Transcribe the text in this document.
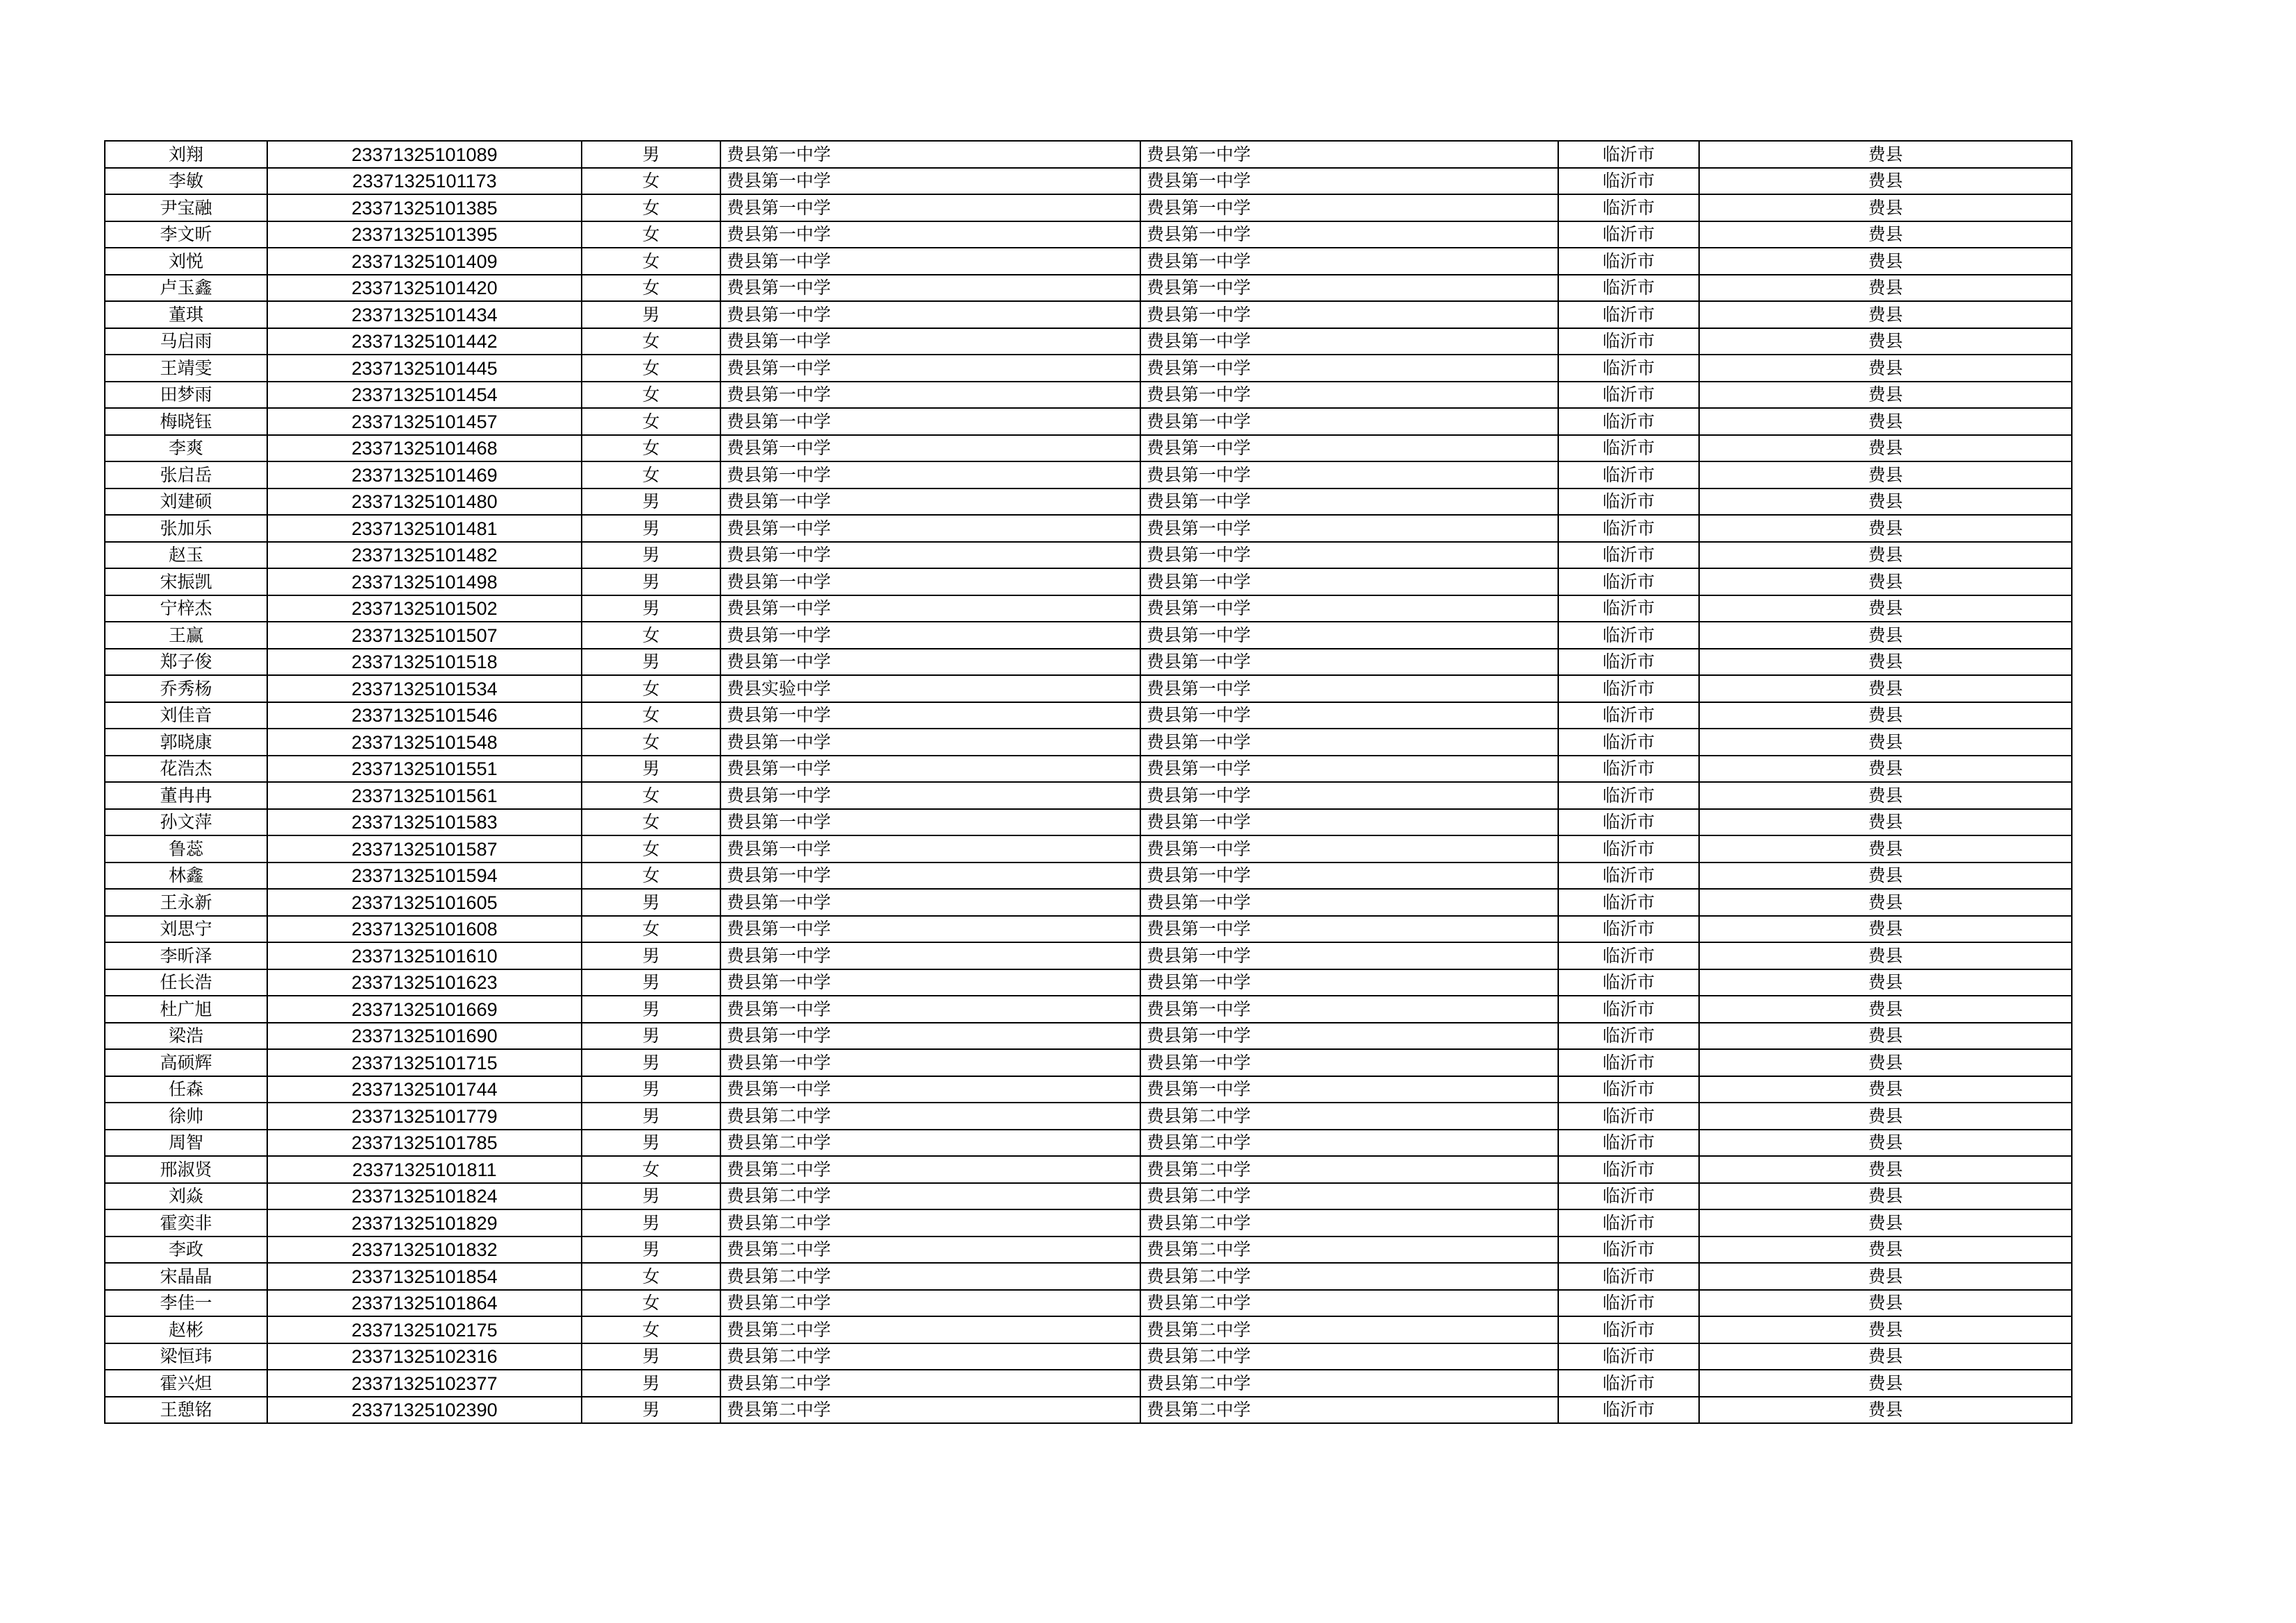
刘翔	23371325101089	男	费县第一中学	费县第一中学	临沂市	费县
李敏	23371325101173	女	费县第一中学	费县第一中学	临沂市	费县
尹宝融	23371325101385	女	费县第一中学	费县第一中学	临沂市	费县
李文昕	23371325101395	女	费县第一中学	费县第一中学	临沂市	费县
刘悦	23371325101409	女	费县第一中学	费县第一中学	临沂市	费县
卢玉鑫	23371325101420	女	费县第一中学	费县第一中学	临沂市	费县
董琪	23371325101434	男	费县第一中学	费县第一中学	临沂市	费县
马启雨	23371325101442	女	费县第一中学	费县第一中学	临沂市	费县
王靖雯	23371325101445	女	费县第一中学	费县第一中学	临沂市	费县
田梦雨	23371325101454	女	费县第一中学	费县第一中学	临沂市	费县
梅晓钰	23371325101457	女	费县第一中学	费县第一中学	临沂市	费县
李爽	23371325101468	女	费县第一中学	费县第一中学	临沂市	费县
张启岳	23371325101469	女	费县第一中学	费县第一中学	临沂市	费县
刘建硕	23371325101480	男	费县第一中学	费县第一中学	临沂市	费县
张加乐	23371325101481	男	费县第一中学	费县第一中学	临沂市	费县
赵玉	23371325101482	男	费县第一中学	费县第一中学	临沂市	费县
宋振凯	23371325101498	男	费县第一中学	费县第一中学	临沂市	费县
宁梓杰	23371325101502	男	费县第一中学	费县第一中学	临沂市	费县
王赢	23371325101507	女	费县第一中学	费县第一中学	临沂市	费县
郑子俊	23371325101518	男	费县第一中学	费县第一中学	临沂市	费县
乔秀杨	23371325101534	女	费县实验中学	费县第一中学	临沂市	费县
刘佳音	23371325101546	女	费县第一中学	费县第一中学	临沂市	费县
郭晓康	23371325101548	女	费县第一中学	费县第一中学	临沂市	费县
花浩杰	23371325101551	男	费县第一中学	费县第一中学	临沂市	费县
董冉冉	23371325101561	女	费县第一中学	费县第一中学	临沂市	费县
孙文萍	23371325101583	女	费县第一中学	费县第一中学	临沂市	费县
鲁蕊	23371325101587	女	费县第一中学	费县第一中学	临沂市	费县
林鑫	23371325101594	女	费县第一中学	费县第一中学	临沂市	费县
王永新	23371325101605	男	费县第一中学	费县第一中学	临沂市	费县
刘思宁	23371325101608	女	费县第一中学	费县第一中学	临沂市	费县
李昕泽	23371325101610	男	费县第一中学	费县第一中学	临沂市	费县
任长浩	23371325101623	男	费县第一中学	费县第一中学	临沂市	费县
杜广旭	23371325101669	男	费县第一中学	费县第一中学	临沂市	费县
梁浩	23371325101690	男	费县第一中学	费县第一中学	临沂市	费县
高硕辉	23371325101715	男	费县第一中学	费县第一中学	临沂市	费县
任森	23371325101744	男	费县第一中学	费县第一中学	临沂市	费县
徐帅	23371325101779	男	费县第二中学	费县第二中学	临沂市	费县
周智	23371325101785	男	费县第二中学	费县第二中学	临沂市	费县
邢淑贤	23371325101811	女	费县第二中学	费县第二中学	临沂市	费县
刘焱	23371325101824	男	费县第二中学	费县第二中学	临沂市	费县
霍奕非	23371325101829	男	费县第二中学	费县第二中学	临沂市	费县
李政	23371325101832	男	费县第二中学	费县第二中学	临沂市	费县
宋晶晶	23371325101854	女	费县第二中学	费县第二中学	临沂市	费县
李佳一	23371325101864	女	费县第二中学	费县第二中学	临沂市	费县
赵彬	23371325102175	女	费县第二中学	费县第二中学	临沂市	费县
梁恒玮	23371325102316	男	费县第二中学	费县第二中学	临沂市	费县
霍兴炟	23371325102377	男	费县第二中学	费县第二中学	临沂市	费县
王憩铭	23371325102390	男	费县第二中学	费县第二中学	临沂市	费县
